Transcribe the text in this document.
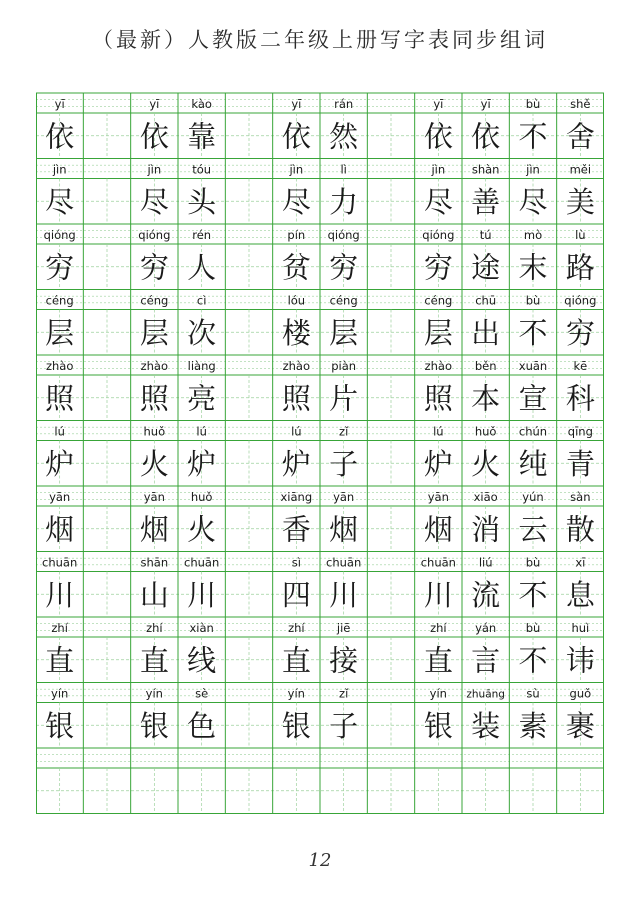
（最新）人教版二年级上册写字表同步组词
yī
依
yī
依
kào
靠
yī
依
rán
然
yī
依
yī
依
bù
不
shě
舍
jìn
尽
jìn
尽
tóu
头
jìn
尽
lì
力
jìn
尽
shàn
善
jìn
尽
měi
美
qióng
穷
qióng
穷
rén
人
pín
贫
qióng
穷
qióng
穷
tú
途
mò
末
lù
路
céng
层
céng
层
cì
次
lóu
楼
céng
层
céng
层
chū
出
bù
不
qióng
穷
zhào
照
zhào
照
liàng
亮
zhào
照
piàn
片
zhào
照
běn
本
xuān
宣
kē
科
lú
炉
huǒ
火
lú
炉
lú
炉
zǐ
子
lú
炉
huǒ
火
chún
纯
qīng
青
yān
烟
yān
烟
huǒ
火
xiāng
香
yān
烟
yān
烟
xiāo
消
yún
云
sàn
散
chuān
川
shān
山
chuān
川
sì
四
chuān
川
chuān
川
liú
流
bù
不
xī
息
zhí
直
zhí
直
xiàn
线
zhí
直
jiē
接
zhí
直
yán
言
bù
不
huì
讳
yín
银
yín
银
sè
色
yín
银
zǐ
子
yín
银
zhuāng
装
sù
素
guǒ
裹
12
